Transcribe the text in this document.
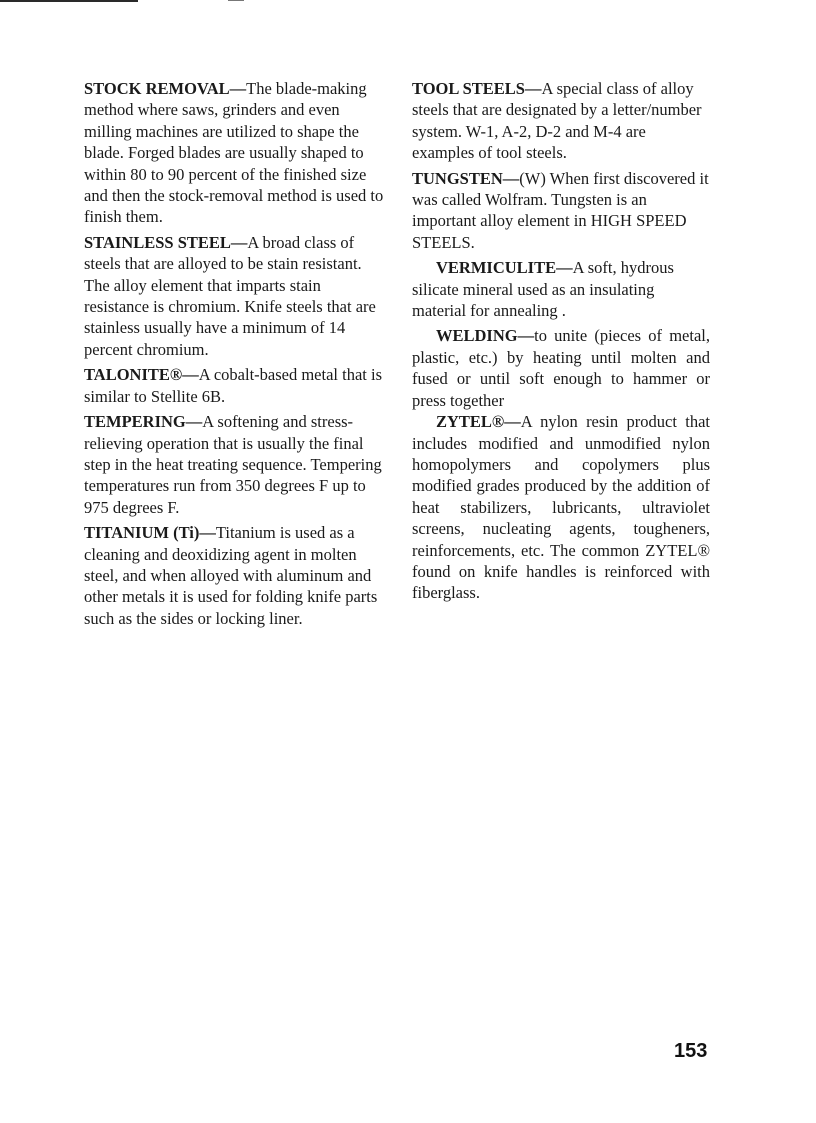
STOCK REMOVAL—The blade-making method where saws, grinders and even milling machines are utilized to shape the blade. Forged blades are usually shaped to within 80 to 90 percent of the finished size and then the stock-removal method is used to finish them.

STAINLESS STEEL—A broad class of steels that are alloyed to be stain resistant. The alloy element that imparts stain resistance is chromium. Knife steels that are stainless usually have a minimum of 14 percent chromium.

TALONITE®—A cobalt-based metal that is similar to Stellite 6B.

TEMPERING—A softening and stress-relieving operation that is usually the final step in the heat treating sequence. Tempering temperatures run from 350 degrees F up to 975 degrees F.

TITANIUM (Ti)—Titanium is used as a cleaning and deoxidizing agent in molten steel, and when alloyed with aluminum and other metals it is used for folding knife parts such as the sides or locking liner.

TOOL STEELS—A special class of alloy steels that are designated by a letter/number system. W-1, A-2, D-2 and M-4 are examples of tool steels.

TUNGSTEN—(W) When first discovered it was called Wolfram. Tungsten is an important alloy element in HIGH SPEED STEELS.

VERMICULITE—A soft, hydrous silicate mineral used as an insulating material for annealing .

WELDING—to unite (pieces of metal, plastic, etc.) by heating until molten and fused or until soft enough to hammer or press together

ZYTEL®—A nylon resin product that includes modified and unmodified nylon homopolymers and copolymers plus modified grades produced by the addition of heat stabilizers, lubricants, ultraviolet screens, nucleating agents, tougheners, reinforcements, etc. The common ZYTEL® found on knife handles is reinforced with fiberglass.

153
